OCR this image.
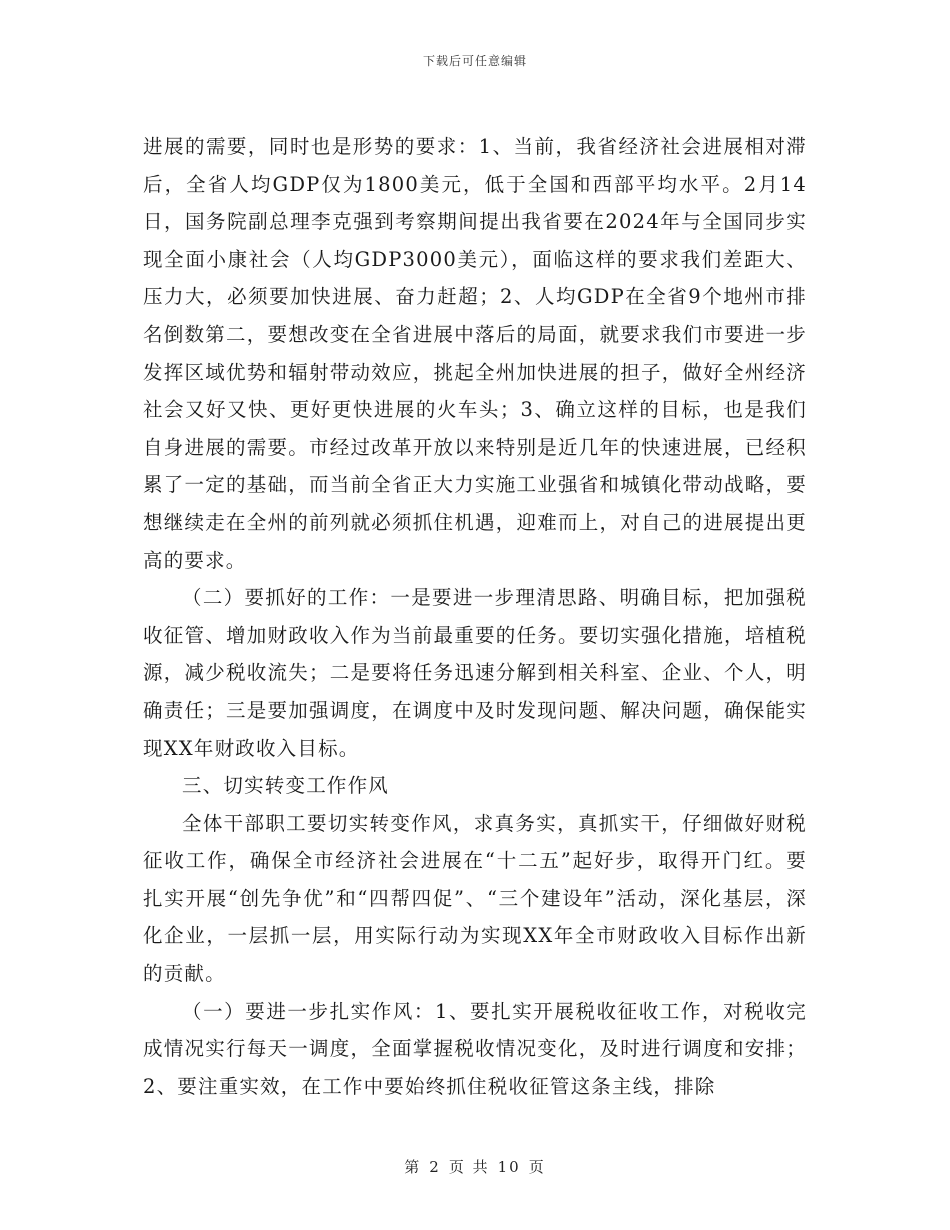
下载后可任意编辑

进展的需要，同时也是形势的要求：1、当前，我省经济社会进展相对滞后，全省人均GDP仅为1800美元，低于全国和西部平均水平。2月14日，国务院副总理李克强到考察期间提出我省要在2024年与全国同步实现全面小康社会（人均GDP3000美元），面临这样的要求我们差距大、压力大，必须要加快进展、奋力赶超；2、人均GDP在全省9个地州市排名倒数第二，要想改变在全省进展中落后的局面，就要求我们市要进一步发挥区域优势和辐射带动效应，挑起全州加快进展的担子，做好全州经济社会又好又快、更好更快进展的火车头；3、确立这样的目标，也是我们自身进展的需要。市经过改革开放以来特别是近几年的快速进展，已经积累了一定的基础，而当前全省正大力实施工业强省和城镇化带动战略，要想继续走在全州的前列就必须抓住机遇，迎难而上，对自己的进展提出更高的要求。

（二）要抓好的工作：一是要进一步理清思路、明确目标，把加强税收征管、增加财政收入作为当前最重要的任务。要切实强化措施，培植税源，减少税收流失；二是要将任务迅速分解到相关科室、企业、个人，明确责任；三是要加强调度，在调度中及时发现问题、解决问题，确保能实现XX年财政收入目标。

三、切实转变工作作风

全体干部职工要切实转变作风，求真务实，真抓实干，仔细做好财税征收工作，确保全市经济社会进展在“十二五”起好步，取得开门红。要扎实开展“创先争优”和“四帮四促”、“三个建设年”活动，深化基层，深化企业，一层抓一层，用实际行动为实现XX年全市财政收入目标作出新的贡献。

（一）要进一步扎实作风：1、要扎实开展税收征收工作，对税收完成情况实行每天一调度，全面掌握税收情况变化，及时进行调度和安排；2、要注重实效，在工作中要始终抓住税收征管这条主线，排除

第 2 页 共 10 页
